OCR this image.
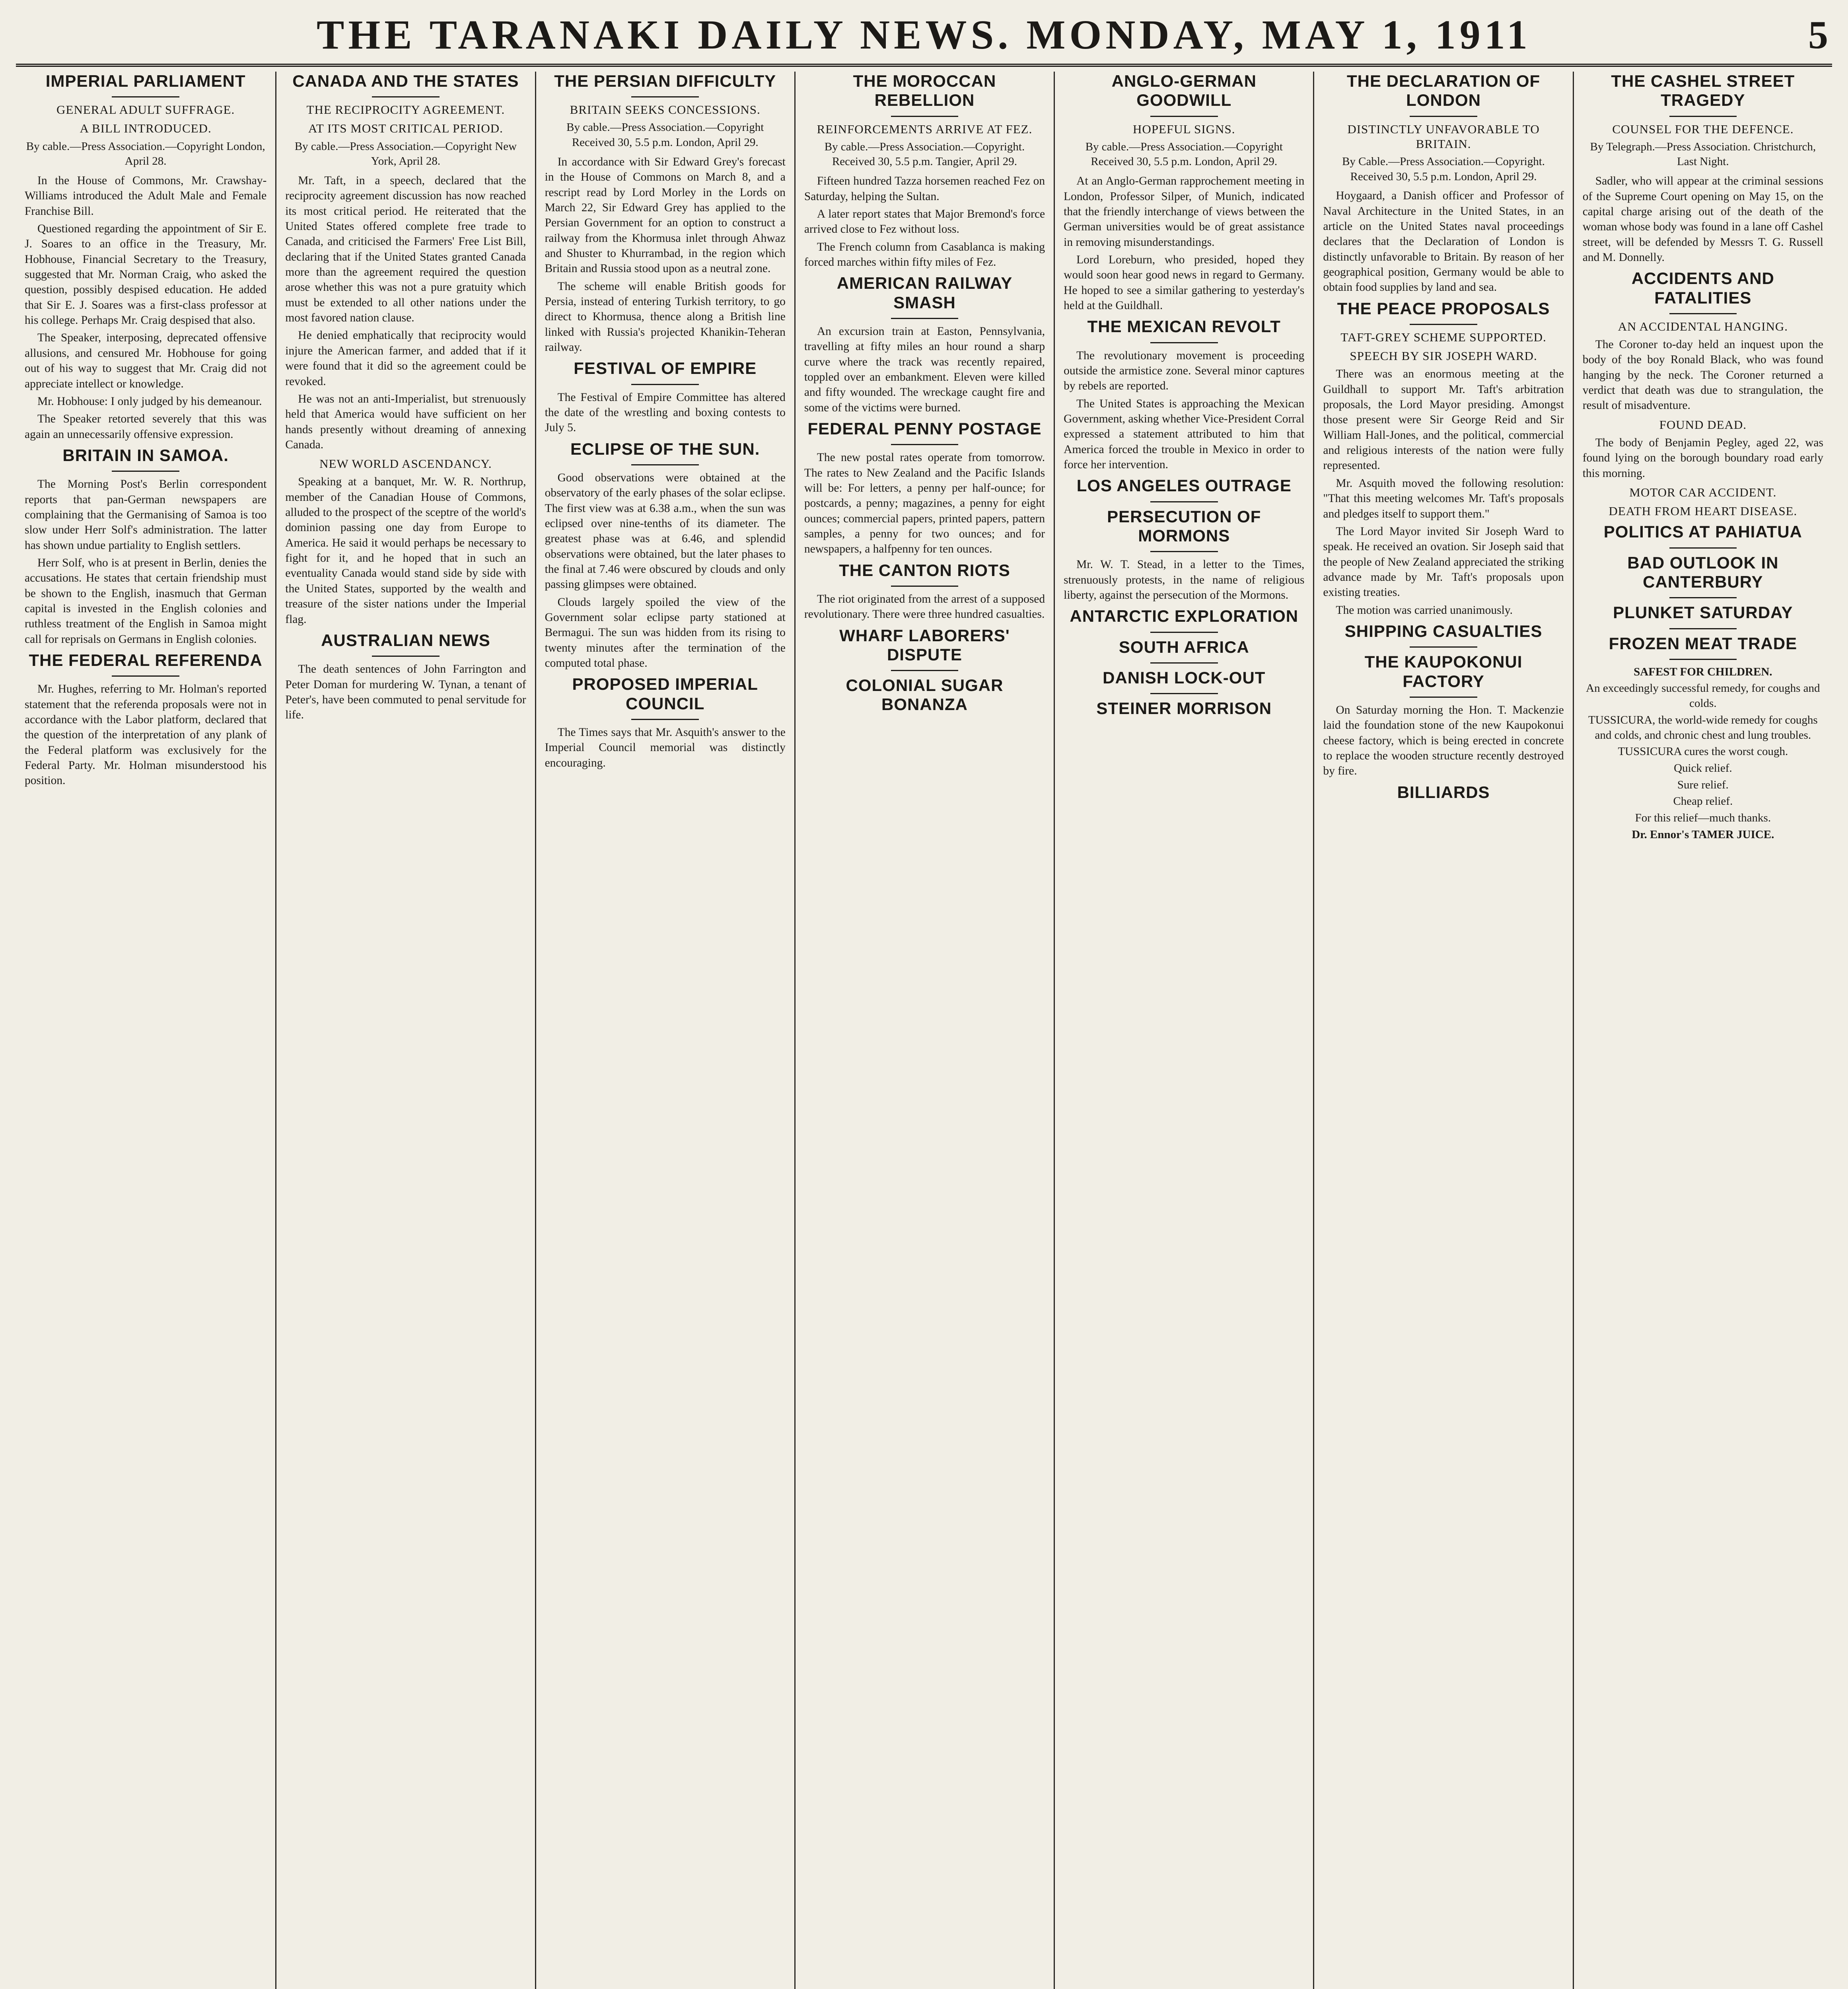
THE TARANAKI DAILY NEWS. MONDAY, MAY 1, 1911	5
IMPERIAL PARLIAMENT
GENERAL ADULT SUFFRAGE.
A BILL INTRODUCED.
By cable.—Press Association.—Copyright London, April 28.

In the House of Commons, Mr. Crawshay-Williams introduced the Adult Male and Female Franchise Bill.

Questioned regarding the appointment of Sir E. J. Soares to an office in the Treasury, Mr. Hobhouse, Financial Secretary to the Treasury, suggested that Mr. Norman Craig, who asked the question, possibly despised education. He added that Sir E. J. Soares was a first-class professor at his college. Perhaps Mr. Craig despised that also.

The Speaker, interposing, deprecated offensive allusions, and censured Mr. Hobhouse for going out of his way to suggest that Mr. Craig did not appreciate intellect or knowledge.

Mr. Hobhouse: I only judged by his demeanour.

The Speaker retorted severely that this was again an unnecessarily offensive expression.

BRITAIN IN SAMOA.

The Morning Post's Berlin correspondent reports that pan-German newspapers are complaining that the Germanising of Samoa is too slow under Herr Solf's administration. The latter has shown undue partiality to English settlers.

Herr Solf, who is at present in Berlin, denies the accusations. He states that certain friendship must be shown to the English, inasmuch that German capital is invested in the English colonies and ruthless treatment of the English in Samoa might call for reprisals on Germans in English colonies.

THE FEDERAL REFERENDA

Mr. Hughes, referring to Mr. Holman's reported statement that the referenda proposals were not in accordance with the Labor platform, declared that the question of the interpretation of any plank of the Federal platform was exclusively for the Federal Party. Mr. Holman misunderstood his position.

CANADA AND THE STATES
THE RECIPROCITY AGREEMENT.
AT ITS MOST CRITICAL PERIOD.
By cable.—Press Association.—Copyright New York, April 28.

Mr. Taft, in a speech, declared that the reciprocity agreement discussion has now reached its most critical period. He reiterated that the United States offered complete free trade to Canada, and criticised the Farmers' Free List Bill, declaring that if the United States granted Canada more than the agreement required the question arose whether this was not a pure gratuity which must be extended to all other nations under the most favored nation clause.

He denied emphatically that reciprocity would injure the American farmer, and added that if it were found that it did so the agreement could be revoked.

He was not an anti-Imperialist, but strenuously held that America would have sufficient on her hands presently without dreaming of annexing Canada.

NEW WORLD ASCENDANCY.

Speaking at a banquet, Mr. W. R. Northrup, member of the Canadian House of Commons, alluded to the prospect of the sceptre of the world's dominion passing one day from Europe to America. He said it would perhaps be necessary to fight for it, and he hoped that in such an eventuality Canada would stand side by side with the United States, supported by the wealth and treasure of the sister nations under the Imperial flag.

AUSTRALIAN NEWS

The death sentences of John Farrington and Peter Doman for murdering W. Tynan, a tenant of Peter's, have been commuted to penal servitude for life.

THE PERSIAN DIFFICULTY
BRITAIN SEEKS CONCESSIONS.
By cable.—Press Association.—Copyright Received 30, 5.5 p.m. London, April 29.

In accordance with Sir Edward Grey's forecast in the House of Commons on March 8, and a rescript read by Lord Morley in the Lords on March 22, Sir Edward Grey has applied to the Persian Government for an option to construct a railway from the Khormusa inlet through Ahwaz and Shuster to Khurrambad, in the region which Britain and Russia stood upon as a neutral zone.

The scheme will enable British goods for Persia, instead of entering Turkish territory, to go direct to Khormusa, thence along a British line linked with Russia's projected Khanikin-Teheran railway.

FESTIVAL OF EMPIRE

The Festival of Empire Committee has altered the date of the wrestling and boxing contests to July 5.

ECLIPSE OF THE SUN.

Good observations were obtained at the observatory of the early phases of the solar eclipse. The first view was at 6.38 a.m., when the sun was eclipsed over nine-tenths of its diameter. The greatest phase was at 6.46, and splendid observations were obtained, but the later phases to the final at 7.46 were obscured by clouds and only passing glimpses were obtained.

Clouds largely spoiled the view of the Government solar eclipse party stationed at Bermagui. The sun was hidden from its rising to twenty minutes after the termination of the computed total phase.

PROPOSED IMPERIAL COUNCIL

The Times says that Mr. Asquith's answer to the Imperial Council memorial was distinctly encouraging.

THE MOROCCAN REBELLION
REINFORCEMENTS ARRIVE AT FEZ.
By cable.—Press Association.—Copyright. Received 30, 5.5 p.m. Tangier, April 29.

Fifteen hundred Tazza horsemen reached Fez on Saturday, helping the Sultan.

A later report states that Major Bremond's force arrived close to Fez without loss.

The French column from Casablanca is making forced marches within fifty miles of Fez.

AMERICAN RAILWAY SMASH

An excursion train at Easton, Pennsylvania, travelling at fifty miles an hour round a sharp curve where the track was recently repaired, toppled over an embankment. Eleven were killed and fifty wounded. The wreckage caught fire and some of the victims were burned.

FEDERAL PENNY POSTAGE

The new postal rates operate from tomorrow. The rates to New Zealand and the Pacific Islands will be: For letters, a penny per half-ounce; for postcards, a penny; magazines, a penny for eight ounces; commercial papers, printed papers, pattern samples, a penny for two ounces; and for newspapers, a halfpenny for ten ounces.

THE CANTON RIOTS

The riot originated from the arrest of a supposed revolutionary. There were three hundred casualties.

WHARF LABORERS' DISPUTE
COLONIAL SUGAR BONANZA
ANGLO-GERMAN GOODWILL
HOPEFUL SIGNS.
By cable.—Press Association.—Copyright Received 30, 5.5 p.m. London, April 29.

At an Anglo-German rapprochement meeting in London, Professor Silper, of Munich, indicated that the friendly interchange of views between the German universities would be of great assistance in removing misunderstandings.

Lord Loreburn, who presided, hoped they would soon hear good news in regard to Germany. He hoped to see a similar gathering to yesterday's held at the Guildhall.

THE MEXICAN REVOLT

The revolutionary movement is proceeding outside the armistice zone. Several minor captures by rebels are reported.

The United States is approaching the Mexican Government, asking whether Vice-President Corral expressed a statement attributed to him that America forced the trouble in Mexico in order to force her intervention.

LOS ANGELES OUTRAGE
PERSECUTION OF MORMONS

Mr. W. T. Stead, in a letter to the Times, strenuously protests, in the name of religious liberty, against the persecution of the Mormons.

ANTARCTIC EXPLORATION
SOUTH AFRICA
DANISH LOCK-OUT
STEINER MORRISON
THE DECLARATION OF LONDON
DISTINCTLY UNFAVORABLE TO BRITAIN.
By Cable.—Press Association.—Copyright. Received 30, 5.5 p.m. London, April 29.

Hoygaard, a Danish officer and Professor of Naval Architecture in the United States, in an article on the United States naval proceedings declares that the Declaration of London is distinctly unfavorable to Britain. By reason of her geographical position, Germany would be able to obtain food supplies by land and sea.

THE PEACE PROPOSALS
TAFT-GREY SCHEME SUPPORTED.
SPEECH BY SIR JOSEPH WARD.

There was an enormous meeting at the Guildhall to support Mr. Taft's arbitration proposals, the Lord Mayor presiding. Amongst those present were Sir George Reid and Sir William Hall-Jones, and the political, commercial and religious interests of the nation were fully represented.

Mr. Asquith moved the following resolution: "That this meeting welcomes Mr. Taft's proposals and pledges itself to support them."

The Lord Mayor invited Sir Joseph Ward to speak. He received an ovation. Sir Joseph said that the people of New Zealand appreciated the striking advance made by Mr. Taft's proposals upon existing treaties.

The motion was carried unanimously.

SHIPPING CASUALTIES
THE KAUPOKONUI FACTORY

On Saturday morning the Hon. T. Mackenzie laid the foundation stone of the new Kaupokonui cheese factory, which is being erected in concrete to replace the wooden structure recently destroyed by fire.

BILLIARDS
THE CASHEL STREET TRAGEDY
COUNSEL FOR THE DEFENCE.
By Telegraph.—Press Association. Christchurch, Last Night.

Sadler, who will appear at the criminal sessions of the Supreme Court opening on May 15, on the capital charge arising out of the death of the woman whose body was found in a lane off Cashel street, will be defended by Messrs T. G. Russell and M. Donnelly.

ACCIDENTS AND FATALITIES
AN ACCIDENTAL HANGING.

The Coroner to-day held an inquest upon the body of the boy Ronald Black, who was found hanging by the neck. The Coroner returned a verdict that death was due to strangulation, the result of misadventure.

FOUND DEAD.

The body of Benjamin Pegley, aged 22, was found lying on the borough boundary road early this morning.

MOTOR CAR ACCIDENT.
DEATH FROM HEART DISEASE.
POLITICS AT PAHIATUA
BAD OUTLOOK IN CANTERBURY
PLUNKET SATURDAY
FROZEN MEAT TRADE
SAFEST FOR CHILDREN.
An exceedingly successful remedy, for coughs and colds.
TUSSICURA, the world-wide remedy for coughs and colds, and chronic chest and lung troubles.
TUSSICURA cures the worst cough.
Quick relief.
Sure relief.
Cheap relief.
For this relief—much thanks.
Dr. Ennor's TAMER JUICE.
